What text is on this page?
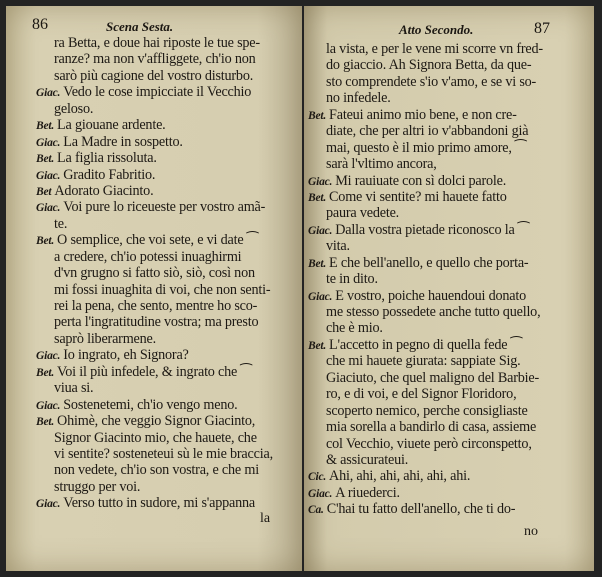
86	Scena Sesta.
ra Betta, e doue hai riposte le tue spe-
ranze? ma non v'affliggete, ch'io non
sarò più cagione del vostro disturbo.
Giac. Vedo le cose impicciate il Vecchio
geloso.
Bet. La giouane ardente.
Giac. La Madre in sospetto.
Bet. La figlia rissoluta.
Giac. Gradito Fabritio.
Bet Adorato Giacinto.
Giac. Voi pure lo riceueste per vostro amã-
te.
Bet. O semplice, che voi sete, e vi date ⁀
a credere, ch'io potessi inuaghirmi
d'vn grugno si fatto siò, siò, così non
mi fossi inuaghita di voi, che non senti-
rei la pena, che sento, mentre ho sco-
perta l'ingratitudine vostra; ma presto
saprò liberarmene.
Giac. Io ingrato, eh Signora?
Bet. Voi il più infedele, & ingrato che ⁀
viua si.
Giac. Sostenetemi, ch'io vengo meno.
Bet. Ohimè, che veggio Signor Giacinto,
Signor Giacinto mio, che hauete, che
vi sentite? sosteneteui sù le mie braccia,
non vedete, ch'io son vostra, e che mi
struggo per voi.
Giac. Verso tutto in sudore, mi s'appanna
la
Atto Secondo.	87
la vista, e per le vene mi scorre vn fred-
do giaccio. Ah Signora Betta, da que-
sto comprendete s'io v'amo, e se vi so-
no infedele.
Bet. Fateui animo mio bene, e non cre-
diate, che per altri io v'abbandoni già
mai, questo è il mio primo amore, ⁀
sarà l'vltimo ancora,
Giac. Mi rauiuate con sì dolci parole.
Bet. Come vi sentite? mi hauete fatto
paura vedete.
Giac. Dalla vostra pietade riconosco la ⁀
vita.
Bet. E che bell'anello, e quello che porta-
te in dito.
Giac. E vostro, poiche hauendoui donato
me stesso possedete anche tutto quello,
che è mio.
Bet. L'accetto in pegno di quella fede ⁀
che mi hauete giurata: sappiate Sig.
Giaciuto, che quel maligno del Barbie-
ro, e di voi, e del Signor Floridoro,
scoperto nemico, perche consigliaste
mia sorella a bandirlo di casa, assieme
col Vecchio, viuete però circonspetto,
& assicurateui.
Cic. Ahi, ahi, ahi, ahi, ahi, ahi.
Giac. A riuederci.
Ca. C'hai tu fatto dell'anello, che ti do-
no
